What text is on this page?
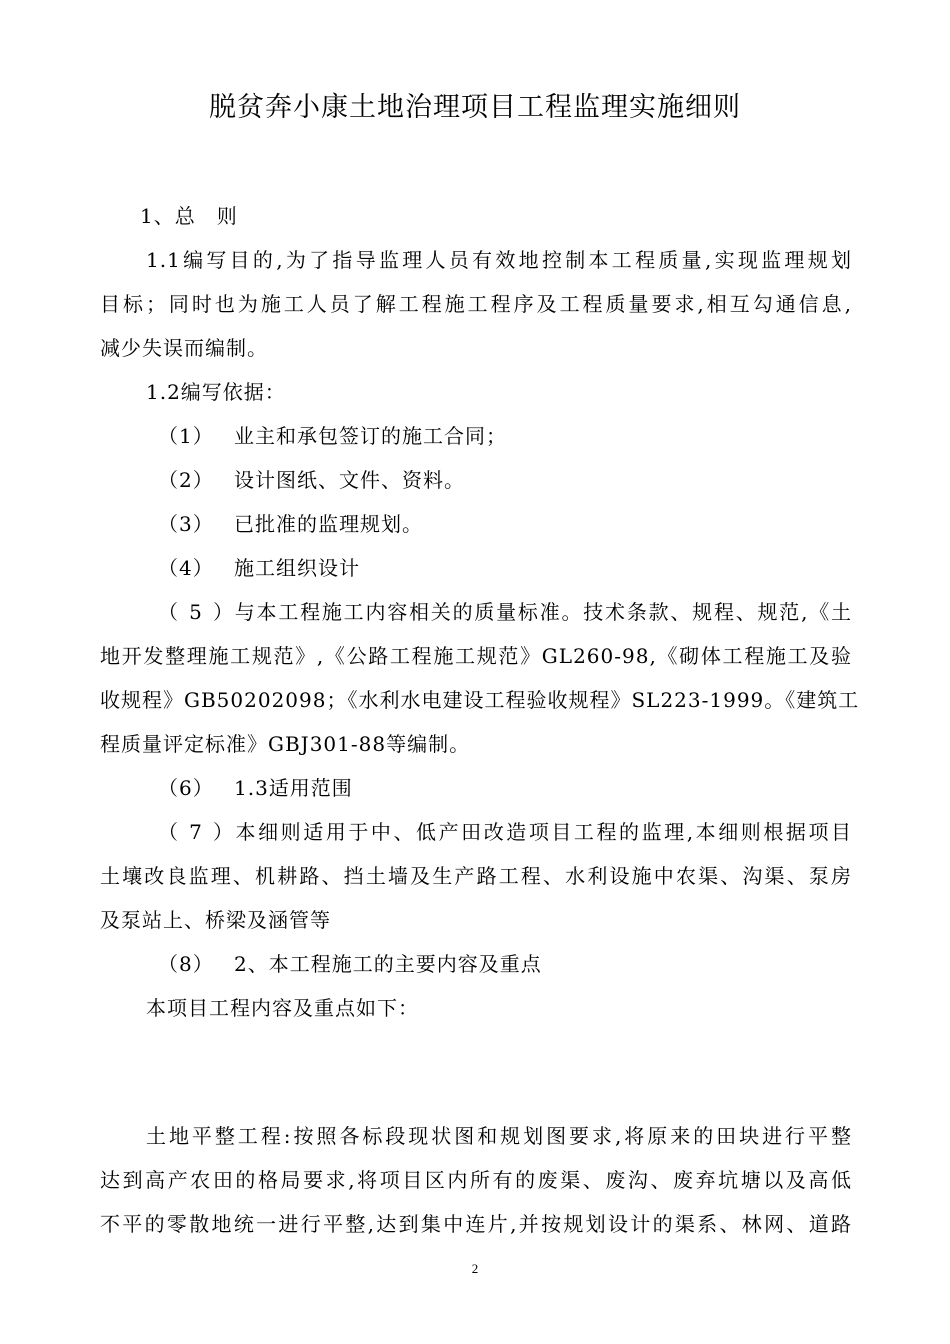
脱贫奔小康土地治理项目工程监理实施细则
1、总　则
1.1编写目的,为了指导监理人员有效地控制本工程质量,实现监理规划
目标；同时也为施工人员了解工程施工程序及工程质量要求,相互勾通信息,
减少失误而编制。
1.2编写依据：
（1） 业主和承包签订的施工合同；
（2） 设计图纸、文件、资料。
（3） 已批准的监理规划。
（4） 施工组织设计
（5）与本工程施工内容相关的质量标准。技术条款、规程、规范,《土
地开发整理施工规范》,《公路工程施工规范》GL260-98,《砌体工程施工及验
收规程》GB50202098；《水利水电建设工程验收规程》SL223-1999。《建筑工
程质量评定标准》GBJ301-88等编制。
（6） 1.3适用范围
（7）本细则适用于中、低产田改造项目工程的监理,本细则根据项目
土壤改良监理、机耕路、挡土墙及生产路工程、水利设施中农渠、沟渠、泵房
及泵站上、桥梁及涵管等
（8） 2、本工程施工的主要内容及重点
本项目工程内容及重点如下：
土地平整工程:按照各标段现状图和规划图要求,将原来的田块进行平整
达到高产农田的格局要求,将项目区内所有的废渠、废沟、废弃坑塘以及高低
不平的零散地统一进行平整,达到集中连片,并按规划设计的渠系、林网、道路
2
